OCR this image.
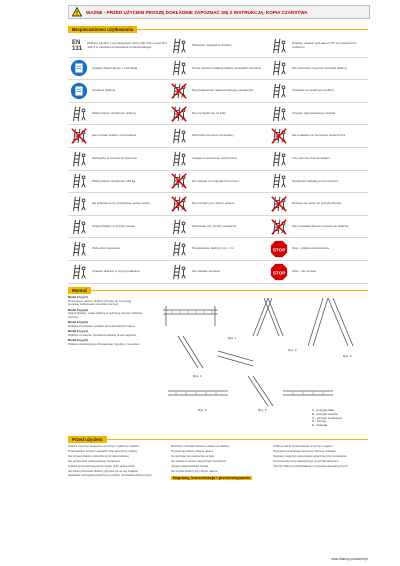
WAŻNE - PRZED UŻYCIEM PROSZĘ DOKŁADNIE ZAPOZNAĆ SIĘ Z INSTRUKCJĄ. KOPIA CZARSTWA
Bezpieczeństwo użytkowania
EN 131
Drabiny zgodne z wymaganiami normy EN 131-1 oraz EN 131-2 w zakresie użytkowania profesjonalnego	Właściwe ustawienie drabiny	Drabinę ustawić pod kątem 75° od powierzchni poziomej
Uwaga! Zapoznaj się z instrukcją	Przed użyciem drabinę należy sprawdzić wizualnie	Nie wchodzić na górny szczebel drabiny
Sprawdź drabinę	Nie przekraczać dopuszczalnego obciążenia	Ustawiać na stabilnym podłożu
Maksymalne obciążenie drabiny	Nie wychylać się na boki	Używać odpowiedniego obuwia
Nie używać drabiny niesprawnej	Wchodzić przodem do drabiny	Nie ustawiać na nierównej powierzchni
Narzędzia przenosić bezpiecznie	Uwaga na przewody elektryczne	Trzymać się obiema rękami
Maksymalne obciążenie 150 kg	Nie stawać na stopniach bocznych	Sprawdzić blokady przed użyciem
Na drabinie może przebywać jedna osoba	Nie używać przy silnym wietrze	Drabina nie służy do przechodzenia
Stopki drabiny w dobrym stanie	Zachować trzy punkty podparcia	Nie pozwalać dzieciom bawić się drabiną
Wchodzić stopniowo	Przedłużenie drabiny min. 1 m	STOP Stop - drabina uszkodzona
Ustawić drabinę w pozycji stabilnej	Nie stawiać pionowo	STOP Stop - nie używać
Montaż

Model 2-tyg (1)
Rozsunięcie drabiny drabina zmienia się w pozycję pionową, zablokować wszystkie zaczepy.

Model 3-tyg (2)
Wyjmij blokady, ustaw drabinę w wybranej pozycji i zablokuj zaczepy.

Model 2-tyg (3)
Drabina przystawna. Ustawić pod odpowiednim kątem.

Model 2-tyg (4)
Drabina rozstawna. Sprawdzić blokady przed wejściem.

Model 3-tyg (5)
Drabina wielofunkcyjna. Postępować zgodnie z rysunkiem.

Rys. 1
Rys. 2
Rys. 3
Rys. 4
Rys. 5
Rys. 6	A - pozycja stała
B - pozycja otwarta
C - pozycja zamknięta
D - zaczep
E - blokada
Przed użyciem

Drabina musi być ustawiona na równym i stabilnym podłożu.

Przed każdym użyciem sprawdzić stan techniczny drabiny.

Nie używać drabiny uszkodzonej lub niekompletnej.

Nie przekraczać maksymalnego obciążenia.

Drabina przeznaczona jest do użytku przez jedną osobę.

Nie wolno przesuwać drabiny, gdy ktoś się na niej znajduje.

Zachować szczególną ostrożność w pobliżu przewodów elektrycznych.

Wchodzić i schodzić zawsze przodem do drabiny.

Trzymać się drabiny obiema rękami.

Nie wychylać się nadmiernie na boki.

Nie stawać na dwóch najwyższych szczeblach.

Używać odpowiedniego obuwia.

Nie używać drabiny przy silnym wietrze.

Naprawy, konserwacja i przechowywanie

Drabinę należy przechowywać w suchym miejscu.

Regularnie kontrolować elementy ruchome i blokady.

Naprawy mogą być wykonywane wyłącznie przez producenta.

Ruchome elementy zabezpieczyć przed zabrudzeniem.

Chronić drabinę przed działaniem czynników atmosferycznych.

www.drabiny-producent.pl
